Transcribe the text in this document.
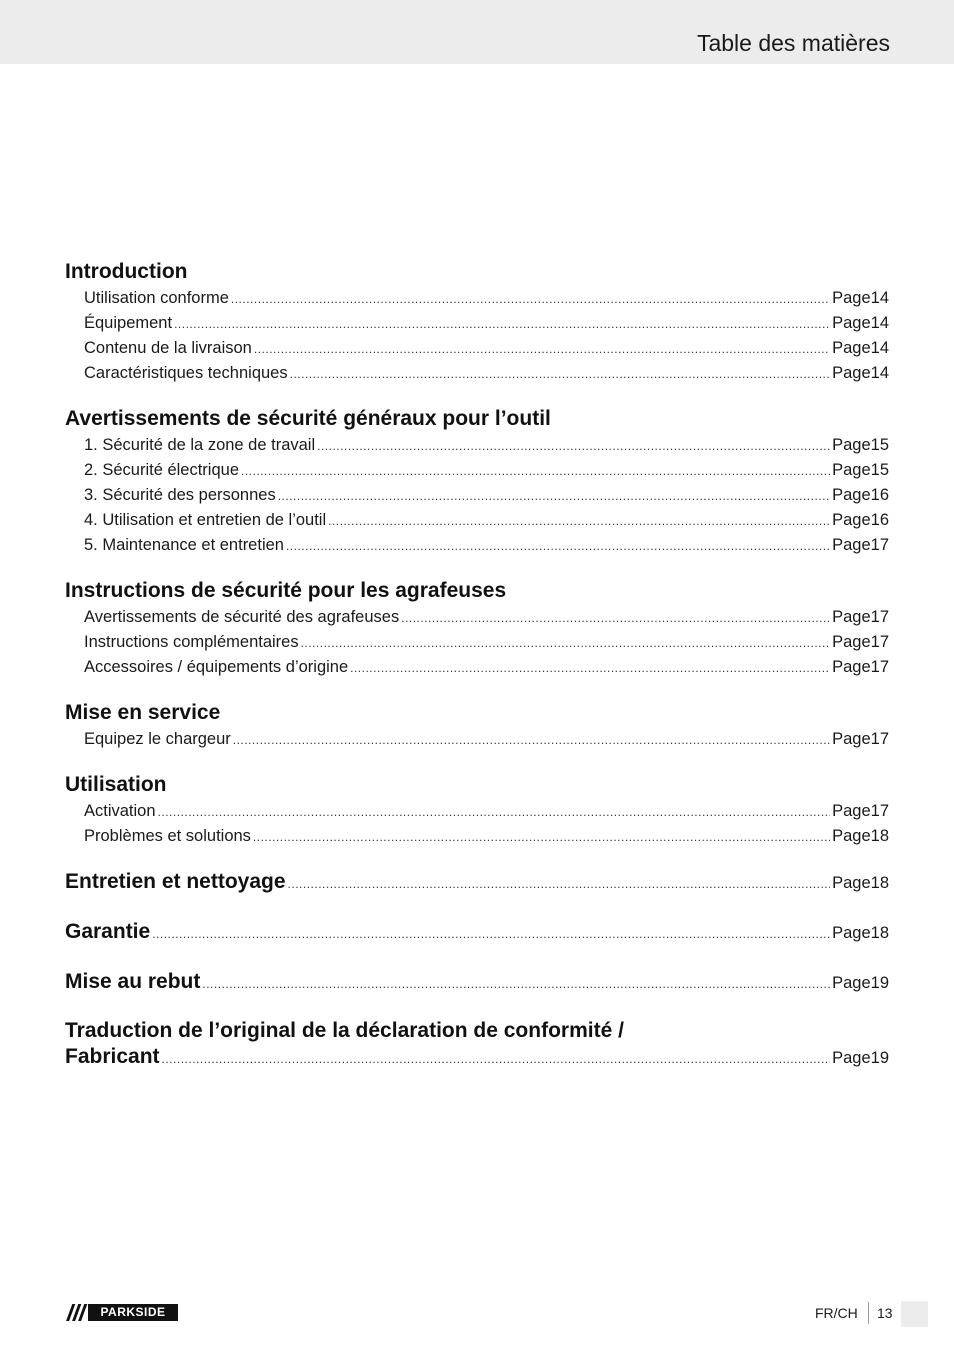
Table des matières
Introduction
Utilisation conforme .....	Page 14
Équipement .....	Page 14
Contenu de la livraison .....	Page 14
Caractéristiques techniques .....	Page 14
Avertissements de sécurité généraux pour l’outil
1. Sécurité de la zone de travail .....	Page 15
2. Sécurité électrique .....	Page 15
3. Sécurité des personnes .....	Page 16
4. Utilisation et entretien de l’outil .....	Page 16
5. Maintenance et entretien .....	Page 17
Instructions de sécurité pour les agrafeuses
Avertissements de sécurité des agrafeuses .....	Page 17
Instructions complémentaires .....	Page 17
Accessoires / équipements d’origine .....	Page 17
Mise en service
Equipez le chargeur .....	Page 17
Utilisation
Activation .....	Page 17
Problèmes et solutions .....	Page 18
Entretien et nettoyage .....	Page 18
Garantie .....	Page 18
Mise au rebut .....	Page 19
Traduction de l’original de la déclaration de conformité /
Fabricant .....	Page 19
PARKSIDE	FR/CH 13
